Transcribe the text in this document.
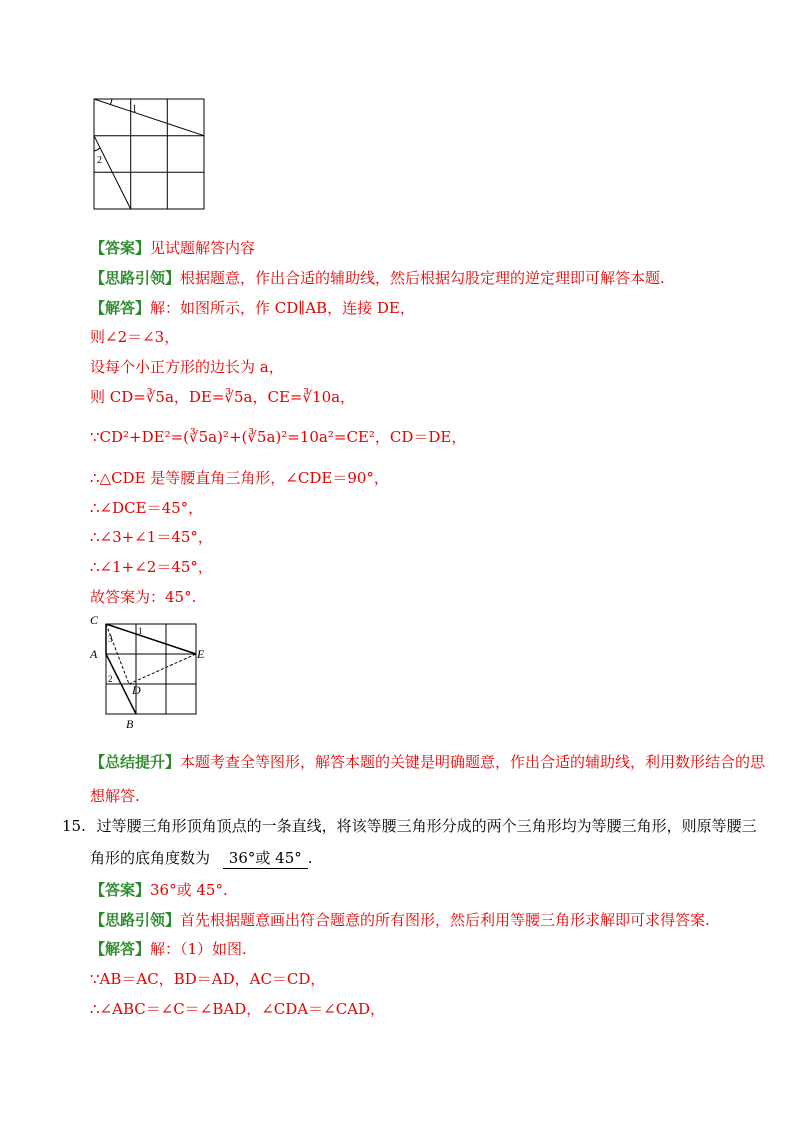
1
2
【答案】见试题解答内容
【思路引领】根据题意，作出合适的辅助线，然后根据勾股定理的逆定理即可解答本题.
【解答】解：如图所示，作 CD∥AB，连接 DE，
则∠2＝∠3，
设每个小正方形的边长为 a，
则 CD=∛5a，DE=∛5a，CE=∛10a，
∵CD²+DE²=(∛5a)²+(∛5a)²=10a²=CE²，CD＝DE，
∴△CDE 是等腰直角三角形，∠CDE＝90°，
∴∠DCE＝45°，
∴∠3+∠1＝45°，
∴∠1+∠2＝45°，
故答案为：45°.
C
A	E
D
B
1
3
2
【总结提升】本题考查全等图形，解答本题的关键是明确题意，作出合适的辅助线，利用数形结合的思
想解答.
15. 过等腰三角形顶角顶点的一条直线，将该等腰三角形分成的两个三角形均为等腰三角形，则原等腰三
角形的底角度数为 36°或 45° .
【答案】36°或 45°.
【思路引领】首先根据题意画出符合题意的所有图形，然后利用等腰三角形求解即可求得答案.
【解答】解：（1）如图.
∵AB＝AC，BD＝AD，AC＝CD，
∴∠ABC＝∠C＝∠BAD，∠CDA＝∠CAD，
